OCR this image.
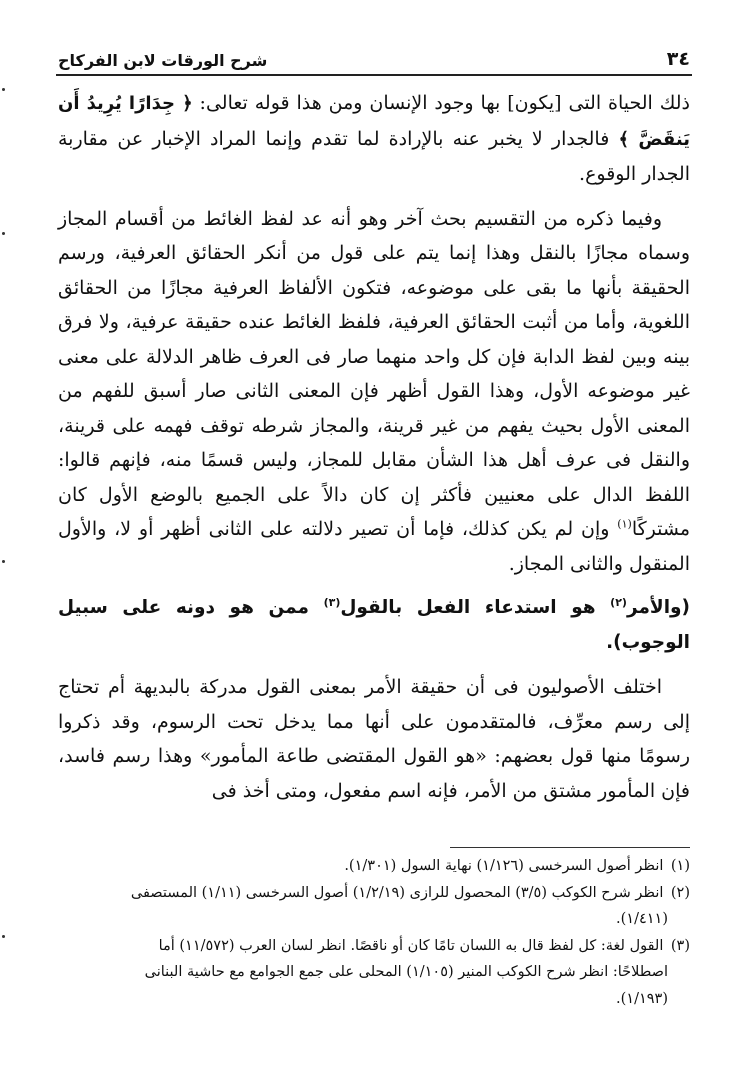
شرح الورقات لابن الفركاح	٣٤

ذلك الحياة التى [يكون] بها وجود الإنسان ومن هذا قوله تعالى: ﴿ جِدَارًا يُرِيدُ أَن يَنقَضَّ ﴾ فالجدار لا يخبر عنه بالإرادة لما تقدم وإنما المراد الإخبار عن مقاربة الجدار الوقوع.

وفيما ذكره من التقسيم بحث آخر وهو أنه عد لفظ الغائط من أقسام المجاز وسماه مجازًا بالنقل وهذا إنما يتم على قول من أنكر الحقائق العرفية، ورسم الحقيقة بأنها ما بقى على موضوعه، فتكون الألفاظ العرفية مجازًا من الحقائق اللغوية، وأما من أثبت الحقائق العرفية، فلفظ الغائط عنده حقيقة عرفية، ولا فرق بينه وبين لفظ الدابة فإن كل واحد منهما صار فى العرف ظاهر الدلالة على معنى غير موضوعه الأول، وهذا القول أظهر فإن المعنى الثانى صار أسبق للفهم من المعنى الأول بحيث يفهم من غير قرينة، والمجاز شرطه توقف فهمه على قرينة، والنقل فى عرف أهل هذا الشأن مقابل للمجاز، وليس قسمًا منه، فإنهم قالوا: اللفظ الدال على معنيين فأكثر إن كان دالاً على الجميع بالوضع الأول كان مشتركًا$^{(١)}$ وإن لم يكن كذلك، فإما أن تصير دلالته على الثانى أظهر أو لا، والأول المنقول والثانى المجاز.

(والأمر$^{(٢)}$ هو استدعاء الفعل بالقول$^{(٣)}$ ممن هو دونه على سبيل الوجوب).

اختلف الأصوليون فى أن حقيقة الأمر بمعنى القول مدركة بالبديهة أم تحتاج إلى رسم معرِّف، فالمتقدمون على أنها مما يدخل تحت الرسوم، وقد ذكروا رسومًا منها قول بعضهم: «هو القول المقتضى طاعة المأمور» وهذا رسم فاسد، فإن المأمور مشتق من الأمر، فإنه اسم مفعول، ومتى أخذ فى

(١) انظر أصول السرخسى (١/١٢٦) نهاية السول (١/٣٠١).

(٢) انظر شرح الكوكب (٣/٥) المحصول للرازى (١/٢/١٩) أصول السرخسى (١/١١) المستصفى

(١/٤١١).

(٣) القول لغة: كل لفظ قال به اللسان تامًا كان أو ناقصًا. انظر لسان العرب (١١/٥٧٢) أما

اصطلاحًا: انظر شرح الكوكب المنير (١/١٠٥) المحلى على جمع الجوامع مع حاشية البنانى

(١/١٩٣).
